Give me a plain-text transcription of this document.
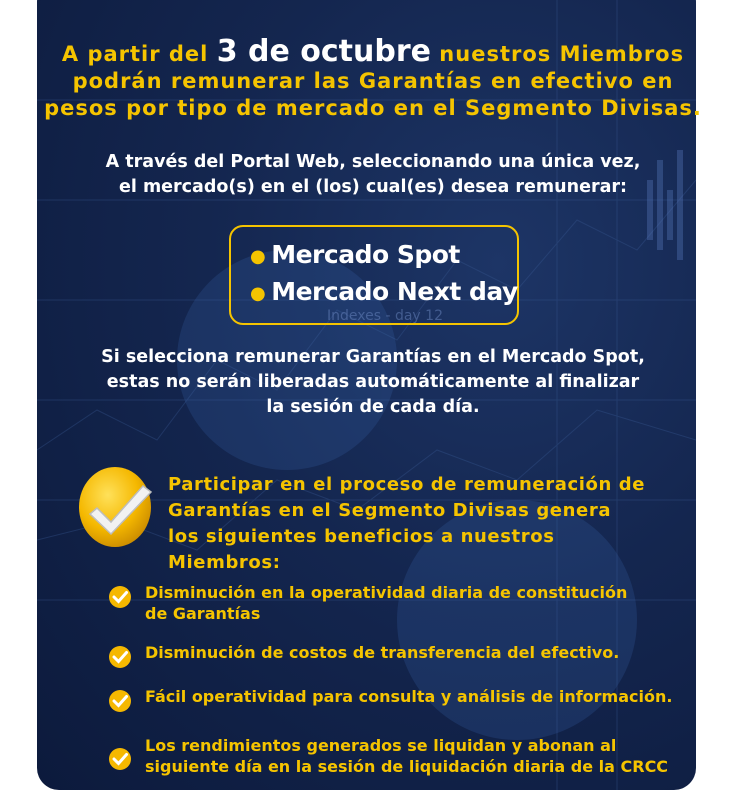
Indexes - day 12
A partir del 3 de octubre nuestros Miembros
podrán remunerar las Garantías en efectivo en
pesos por tipo de mercado en el Segmento Divisas.
A través del Portal Web, seleccionando una única vez,
el mercado(s) en el (los) cual(es) desea remunerar:
● Mercado Spot
● Mercado Next day
Si selecciona remunerar Garantías en el Mercado Spot,
estas no serán liberadas automáticamente al finalizar
la sesión de cada día.
Participar en el proceso de remuneración de
Garantías en el Segmento Divisas genera
los siguientes beneficios a nuestros Miembros:
Disminución en la operatividad diaria de constitución
de Garantías
Disminución de costos de transferencia del efectivo.
Fácil operatividad para consulta y análisis de información.
Los rendimientos generados se liquidan y abonan al
siguiente día en la sesión de liquidación diaria de la CRCC
